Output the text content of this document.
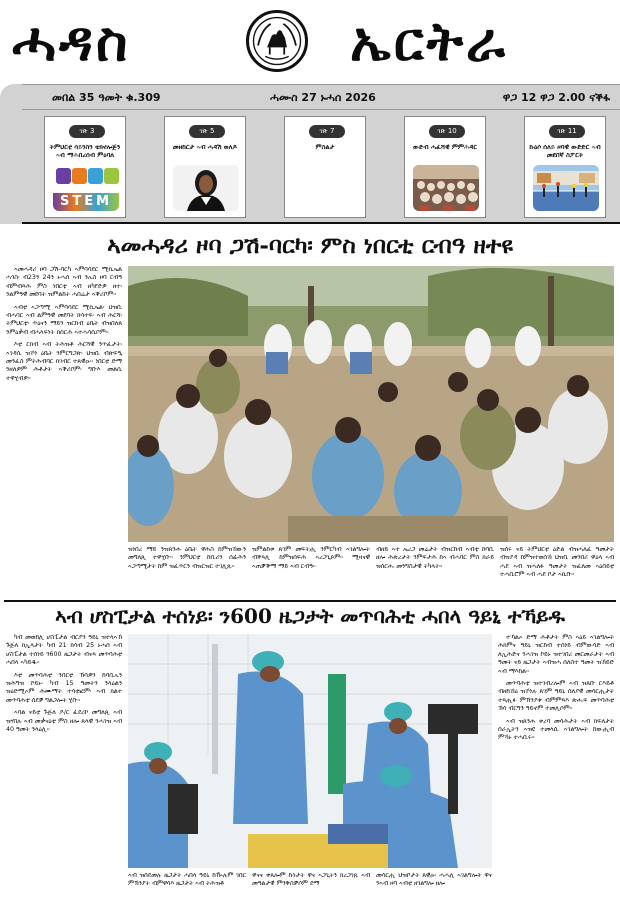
ሓዳስ	ኤርትራ
መበል 35 ዓመት ቁ.309	ሓሙስ 27 ኑሓሰ 2026	ዋጋ 12 ዋጋ 2.00 ናቕፋ
ገጽ 3
ትምህርቲ ሳይንስን ቴክኖሎጅን ኣብ ማሕበረሰብ ምዕባለ
STEM
ገጽ 5
መዘከርታ ኣብ ሓዳሽ ወለዶ
ገጽ 7
ምስልታ
ገጽ 10
ውድብ ሓፈሻዊ ምምሕዳር
ገጽ 11
ኩዕሶ ሰለይ ዞባዊ ውድድር ኣብ መደበኛ ስፖርት
ኣመሓዳሪ ዞባ ጋሽ-ባርካ፡ ምስ ነበርቲ ርብዓ ዘተዩ

ኣመሓዳሪ ዞባ ጋሽ-ባርካ ኣምባሳደር ሚኪኤል ሓጎስ፡ ብ23ን 24ን ኑሓሰ ኣብ ንኡስ ዞባ ርብዓ ብምብጻሕ ምስ ነበርቲ ኣብ ዘካየድዎ ዘተ፡ ንልምዓዊ መደባት ዝምልከት ሓበሬታ ኣቕሪቦም።

ኣብቲ ኣጋጣሚ ኣምባሳደር ሚኪኤል፡ ህዝቢ ብሓባር ኣብ ልምዓዊ መደባት ክሳተፍ፡ ኣብ ሕርሻ፡ ትምህርቲ፡ ጥዕናን ማይን ዝርከብ ዕቤት ብዝበለጸ ንምዕቃብ ብሓላፍነት ክሰርሕ ኣተሓሳሲቦም።

እቲ ርክብ ኣብ ትሕዝቶ ሕርሻዊ ንጥፈታት፡ ኣገዳሲ ዝኾነ ዕቤት ንምርግጋጽ፡ ህዝቢ ብጽፍዒ መንፈስ ምትሕብባር ክገብር ተጸዊዑ። ነበርቲ ድማ ንዘለዎም ሕቶታት ኣቕሪቦም፡ ግቡእ መልሲ ተዋሂብዎ።

ዝነበረ ማይ ንዝጸንሐ ዕቤት ዋሕስ ከምዝኸውን መግለጺ ተዋሂቡ። ንምህርቲ ከቢሪን ሰፊሕን ኣጋጣሚታት ከም ዝፈጥርን ብዝርዝር ተገሊጹ።
ዝምልከቱ ጸገም መፍትሒ ንምርካብ ኣገልግሎት ብቐጻሊ ከምዝሰፍሕ ኣረጋጊጾም። ሚዛናዊ ኣጠቓቕማ ማይ ኣብ ርብዓ።
ብዘይ ኣተ ኤረጋ መሬታት ብዝርከብ ኣብቲ ከባቢ ዘሎ ሕጽረታት ንምፍታሕ ከኣ ብሓባር ምስ ክራይ ዝሰርሑ መንግስታዊ ትካላት።
ዝሰሩ ናይ ትምህርቲ ዕድል ብዝሓለፈ ዓመታት ብዝያዳ ከምዝተወሰኸ ህዝቢ መንበሪ ዋዕላ ኣብ ሓደ ኣብ ዝሓለፉ ዓመታት ዝፈለመ ኣዕበይቲ ተሓቢሮም ኣብ ሓደ ቦታ ኣኪቡ።
ኣብ ሆስፒታል ተሰነይ፡ ን600 ዜጋታት መጥባሕቲ ሓበላ ዓይኒ ተኻይዱ

ካብ መወከሊ ሆስፒታል ብርያን ዓይኒ ዝተላኣኸ ጉጅለ ክኢላታት ካብ 21 ክሳብ 25 ኑሓሰ ኣብ ሆስፒታል ተሰነይ ን600 ዜጋታት ብናጻ መጥባሕቲ ሓበላ ኣካይዱ።

እቲ መጥባሕቲ ንበርቲ ኽሳዎን ከባቢኡን ዝሕግዝ ኮይኑ፡ ካብ 15 ዓመትን ንላዕልን ዝዕድሚኦም ሕሙማት ተሳቲፎም፡ ኣብ ክልተ መጥባሕቲ ሰደቓ ግልጋሎት ሂቡ።

ኣባል ናይቲ ጉጅለ ዶ/ር ፈደሪኮ መግለጺ ኣብ ዝሃበሉ ኣብ መቃናዕቲ ምስ ዘሎ ጸላዊ ንሓገዝ ኣብ 40 ዓመት ንላዕሊ።

ኣብ ዝሰደመሉ ዜጋታት ሓበላ ዓይኒ ከዂሉም ገበር ምኽንያት ብምዋሳእ ዜጋታት ኣብ ትሕዝቶ
ዋናና ቀጸሎም ኩነታት ዋና ኣጋጊትን ክረጋገጹ ኣብ መዓልታዊ ምንቅስቓሶም ደማ
መሳርሒ ህዝቦታት ጸዊዑ፡ ሓሓሊ ኣገልግሎት ዋና ንኣብ ዞባ ኣብቲ ዘገልግሎ ዘሎ

ተኻልኦ ድማ ሕቶታት ምስ ኣዕይ ኣገልግሎት ሕክምና ዓይኒ ዝርከብ ተሰነይ ብምውሳድ ኣብ ለኢሕድና ንሓገዝ ኮይኑ ዝተገበረ መርመራታት ኣብ ዓመት ናይ ዜጋታት ኣብዝሓ ሰለስተ ዓመት ዝኸይድ ኣብ ማእከል።

መጥባሕቲ ዝተገብረሎም ኣብ ዝጸቡ ርእይቶ ብዘከኸዕ ዝኾነሉ ጸገም ዓይኒ ሰለያዊ መሳርሒታት ተጻሒፉ ምኽንያቱ ብምምጻእ ጽሑፍ መጥባሕቲ ኽሳ ብርግን ዓይኖም ተመሊሶም።

ኣብ ዝጸንሐ ቀረባ መሳሕታት ኣብ ክፍለታት ሰራኢትን ኣዝዩ ተመላሲ ኣገልግሎት ከውሒብ ምኻኑ ተሓቢሩ።
